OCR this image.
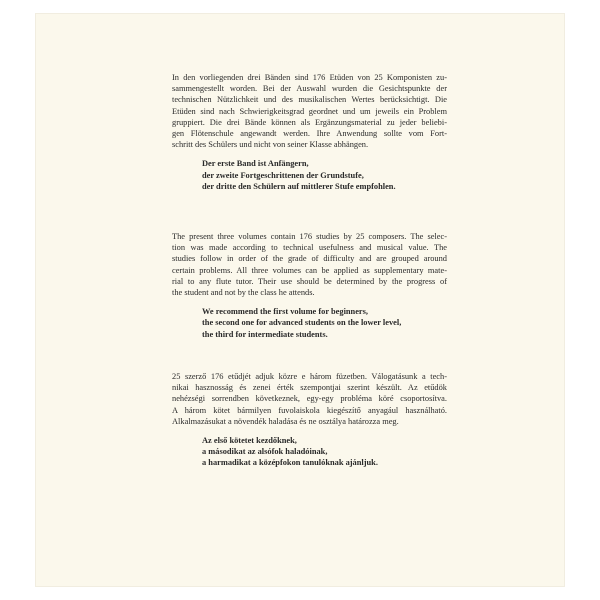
In den vorliegenden drei Bänden sind 176 Etüden von 25 Komponisten zu-
sammengestellt worden. Bei der Auswahl wurden die Gesichtspunkte der
technischen Nützlichkeit und des musikalischen Wertes berücksichtigt. Die
Etüden sind nach Schwierigkeitsgrad geordnet und um jeweils ein Problem
gruppiert. Die drei Bände können als Ergänzungsmaterial zu jeder beliebi-
gen Flötenschule angewandt werden. Ihre Anwendung sollte vom Fort-
schritt des Schülers und nicht von seiner Klasse abhängen.

Der erste Band ist Anfängern,
der zweite Fortgeschrittenen der Grundstufe,
der dritte den Schülern auf mittlerer Stufe empfohlen.

The present three volumes contain 176 studies by 25 composers. The selec-
tion was made according to technical usefulness and musical value. The
studies follow in order of the grade of difficulty and are grouped around
certain problems. All three volumes can be applied as supplementary mate-
rial to any flute tutor. Their use should be determined by the progress of
the student and not by the class he attends.

We recommend the first volume for beginners,
the second one for advanced students on the lower level,
the third for intermediate students.

25 szerző 176 etűdjét adjuk közre e három füzetben. Válogatásunk a tech-
nikai hasznosság és zenei érték szempontjai szerint készült. Az etűdök
nehézségi sorrendben következnek, egy-egy probléma köré csoportosítva.
A három kötet bármilyen fuvolaiskola kiegészítő anyagául használható.
Alkalmazásukat a növendék haladása és ne osztálya határozza meg.

Az első kötetet kezdőknek,
a másodikat az alsófok haladóinak,
a harmadikat a középfokon tanulóknak ajánljuk.
